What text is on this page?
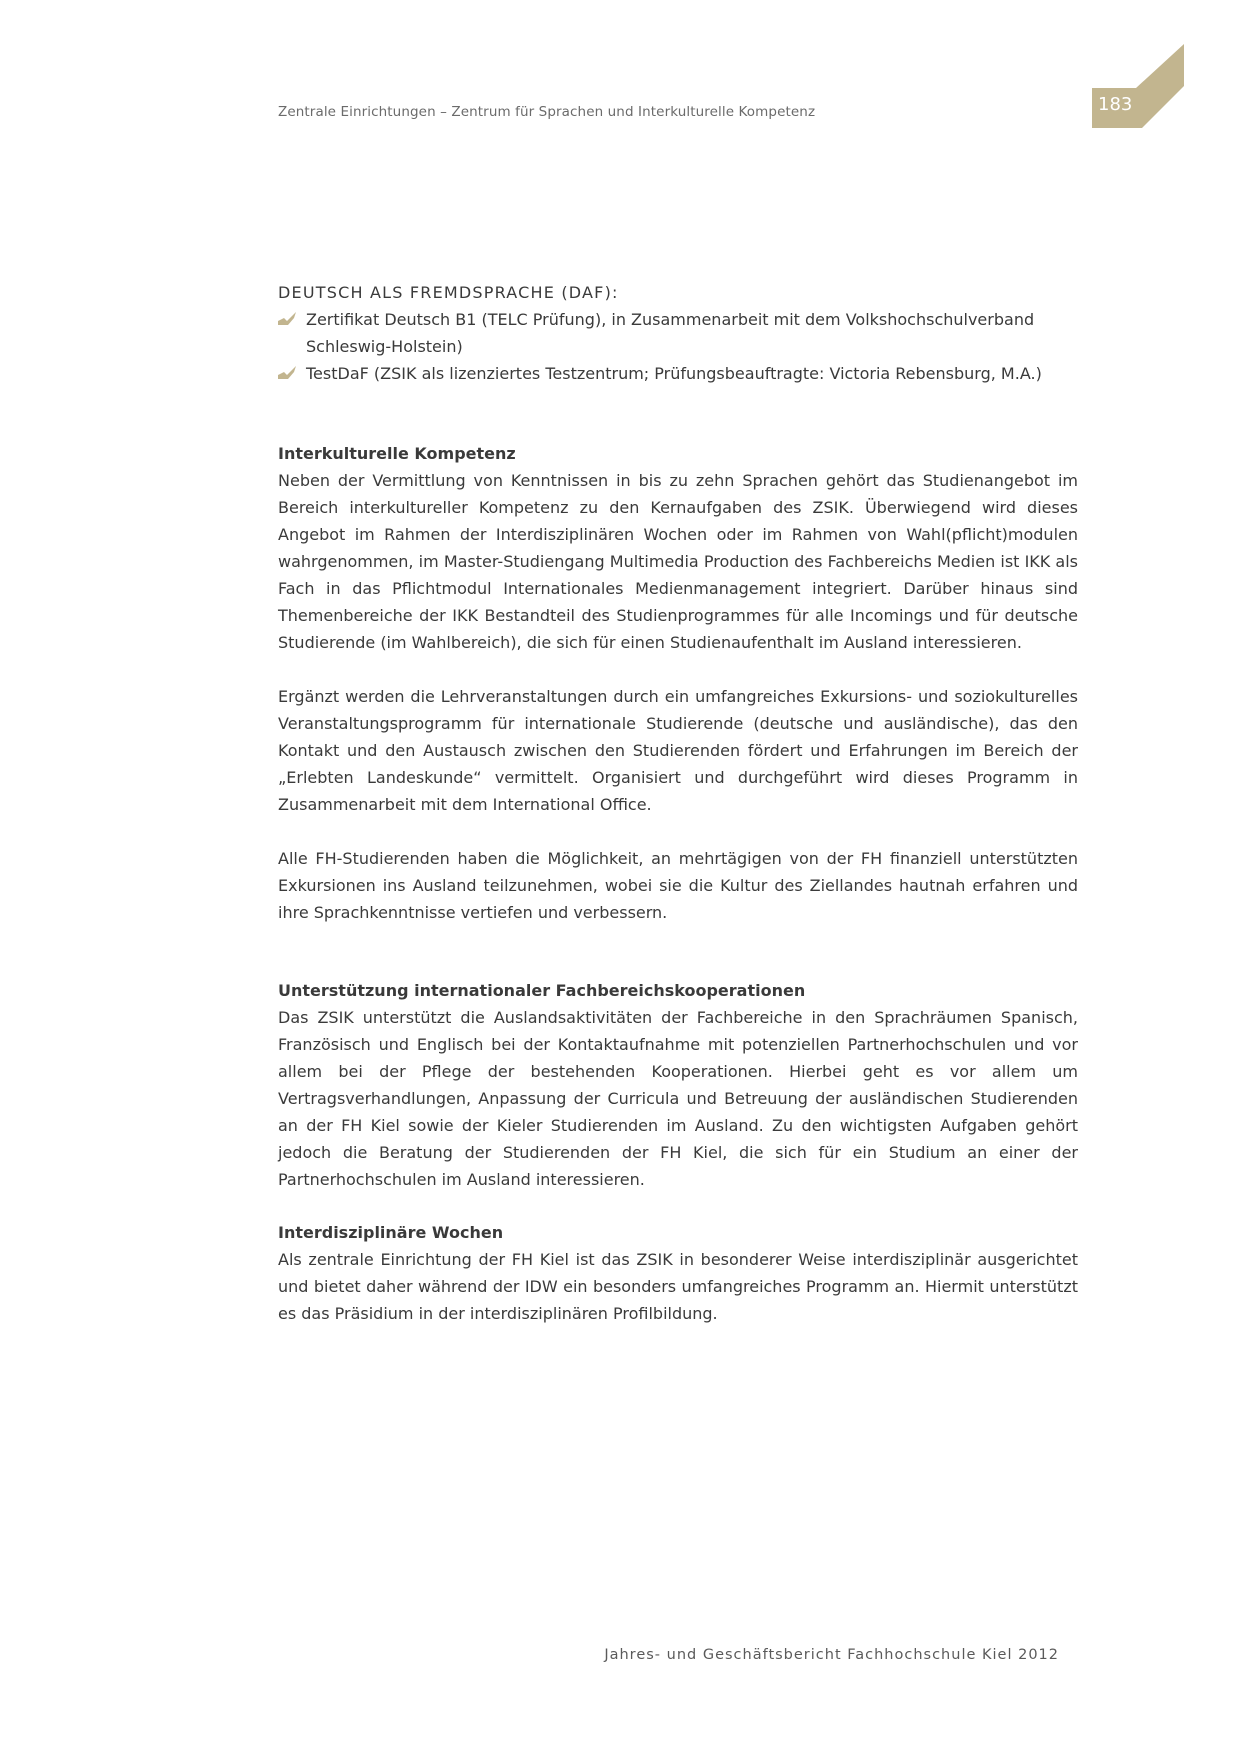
Zentrale Einrichtungen – Zentrum für Sprachen und Interkulturelle Kompetenz	183
DEUTSCH ALS FREMDSPRACHE (DAF):
Zertifikat Deutsch B1 (TELC Prüfung), in Zusammenarbeit mit dem Volkshochschulverband Schleswig-Holstein)
TestDaF (ZSIK als lizenziertes Testzentrum; Prüfungsbeauftragte: Victoria Rebensburg, M.A.)
Interkulturelle Kompetenz

Neben der Vermittlung von Kenntnissen in bis zu zehn Sprachen gehört das Studienangebot im Bereich interkultureller Kompetenz zu den Kernaufgaben des ZSIK. Überwiegend wird dieses Angebot im Rahmen der Interdisziplinären Wochen oder im Rahmen von Wahl(pflicht)modulen wahrgenommen, im Master-Studiengang Multimedia Production des Fachbereichs Medien ist IKK als Fach in das Pflichtmodul Internationales Medienmanagement integriert. Darüber hinaus sind Themenbereiche der IKK Bestandteil des Studienprogrammes für alle Incomings und für deutsche Studierende (im Wahlbereich), die sich für einen Studienaufenthalt im Ausland interessieren.

Ergänzt werden die Lehrveranstaltungen durch ein umfangreiches Exkursions- und soziokulturelles Veranstaltungsprogramm für internationale Studierende (deutsche und ausländische), das den Kontakt und den Austausch zwischen den Studierenden fördert und Erfahrungen im Bereich der „Erlebten Landeskunde“ vermittelt. Organisiert und durchgeführt wird dieses Programm in Zusammenarbeit mit dem International Office.

Alle FH-Studierenden haben die Möglichkeit, an mehrtägigen von der FH finanziell unterstützten Exkursionen ins Ausland teilzunehmen, wobei sie die Kultur des Ziellandes hautnah erfahren und ihre Sprachkenntnisse vertiefen und verbessern.

Unterstützung internationaler Fachbereichskooperationen

Das ZSIK unterstützt die Auslandsaktivitäten der Fachbereiche in den Sprachräumen Spanisch, Französisch und Englisch bei der Kontaktaufnahme mit potenziellen Partnerhochschulen und vor allem bei der Pflege der bestehenden Kooperationen. Hierbei geht es vor allem um Vertragsverhandlungen, Anpassung der Curricula und Betreuung der ausländischen Studierenden an der FH Kiel sowie der Kieler Studierenden im Ausland. Zu den wichtigsten Aufgaben gehört jedoch die Beratung der Studierenden der FH Kiel, die sich für ein Studium an einer der Partnerhochschulen im Ausland interessieren.

Interdisziplinäre Wochen

Als zentrale Einrichtung der FH Kiel ist das ZSIK in besonderer Weise interdisziplinär ausgerichtet und bietet daher während der IDW ein besonders umfangreiches Programm an. Hiermit unterstützt es das Präsidium in der interdisziplinären Profilbildung.

Jahres- und Geschäftsbericht Fachhochschule Kiel 2012
